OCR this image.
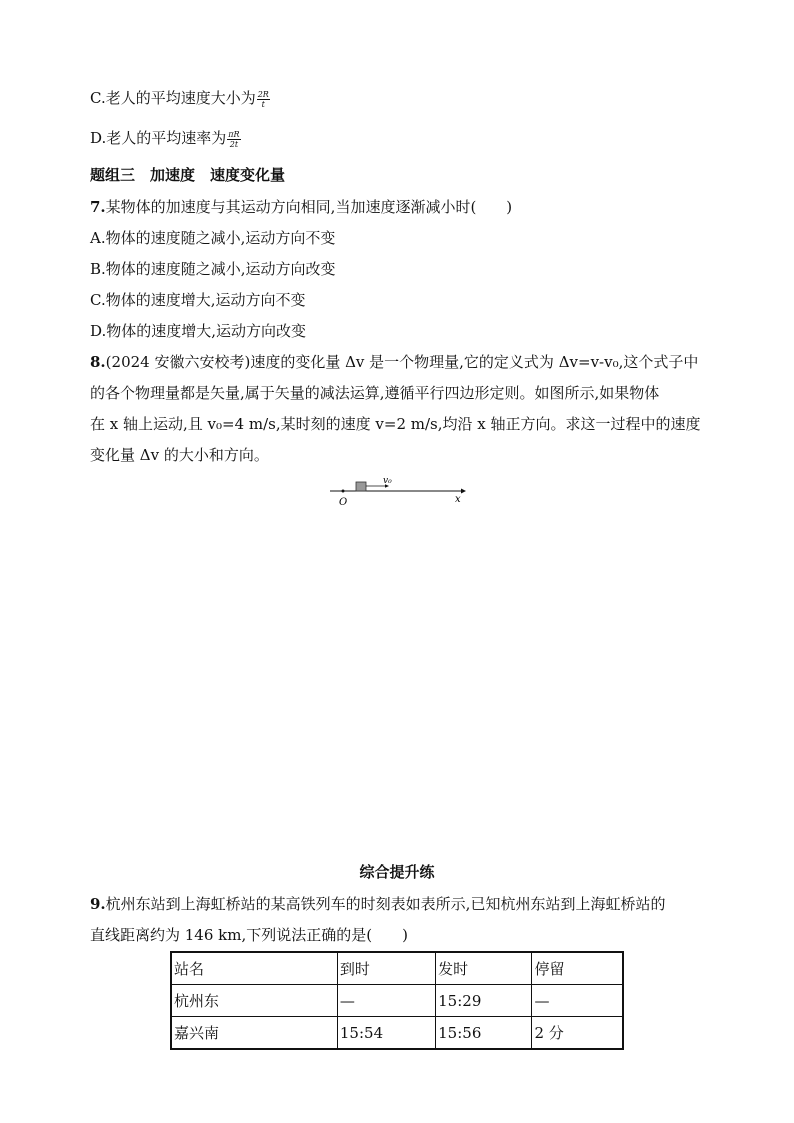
C.老人的平均速度大小为 $\frac{2R}{t}$
D.老人的平均速率为 $\frac{\pi R}{2t}$
题组三　加速度　速度变化量
7.某物体的加速度与其运动方向相同,当加速度逐渐减小时(　　)
A.物体的速度随之减小,运动方向不变
B.物体的速度随之减小,运动方向改变
C.物体的速度增大,运动方向不变
D.物体的速度增大,运动方向改变
8.(2024 安徽六安校考)速度的变化量 Δv 是一个物理量,它的定义式为 Δv=v-v₀,这个式子中
的各个物理量都是矢量,属于矢量的减法运算,遵循平行四边形定则。如图所示,如果物体
在 x 轴上运动,且 v₀=4 m/s,某时刻的速度 v=2 m/s,均沿 x 轴正方向。求这一过程中的速度
变化量 Δv 的大小和方向。
v₀
O	x
综合提升练
9.杭州东站到上海虹桥站的某高铁列车的时刻表如表所示,已知杭州东站到上海虹桥站的
直线距离约为 146 km,下列说法正确的是(　　)
站名	到时	发时	停留
杭州东	—	15:29	—
嘉兴南	15:54	15:56	2 分
